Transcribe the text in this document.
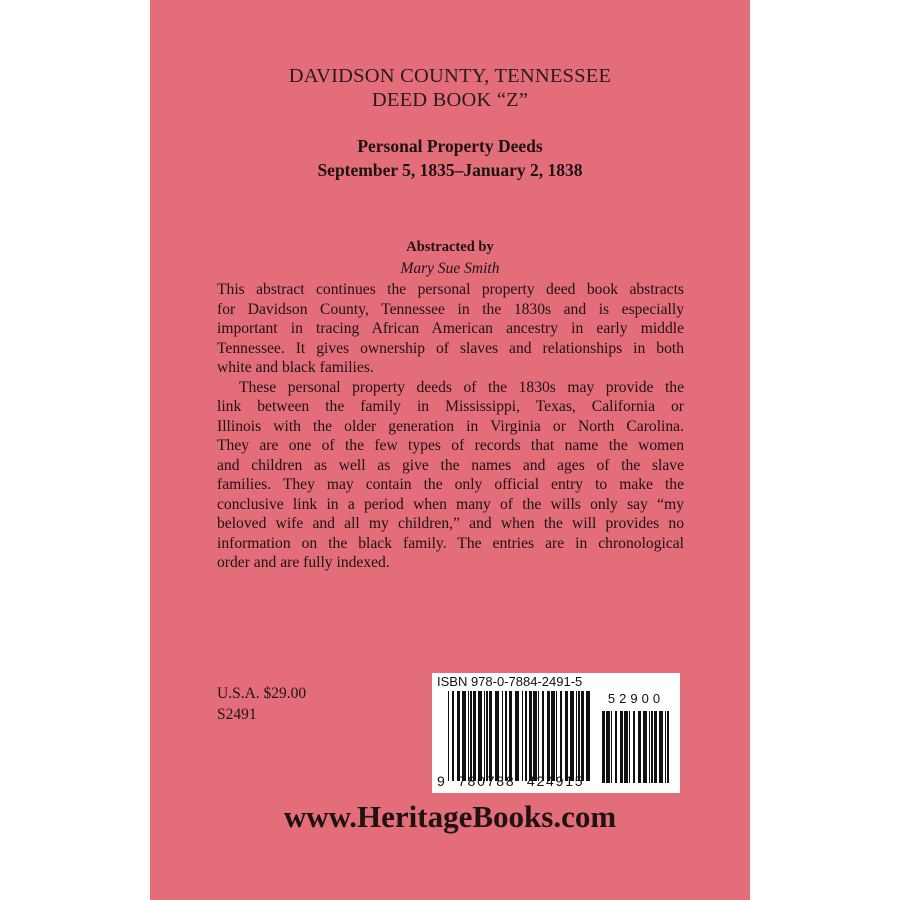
DAVIDSON COUNTY, TENNESSEE
DEED BOOK “Z”
Personal Property Deeds
September 5, 1835–January 2, 1838
Abstracted by
Mary Sue Smith
This abstract continues the personal property deed book abstracts
for Davidson County, Tennessee in the 1830s and is especially
important in tracing African American ancestry in early middle
Tennessee. It gives ownership of slaves and relationships in both
white and black families.
These personal property deeds of the 1830s may provide the
link between the family in Mississippi, Texas, California or
Illinois with the older generation in Virginia or North Carolina.
They are one of the few types of records that name the women
and children as well as give the names and ages of the slave
families. They may contain the only official entry to make the
conclusive link in a period when many of the wills only say “my
beloved wife and all my children,” and when the will provides no
information on the black family. The entries are in chronological
order and are fully indexed.
U.S.A. $29.00
S2491
ISBN 978-0-7884-2491-5
52900
9  780788  424915
www.HeritageBooks.com
